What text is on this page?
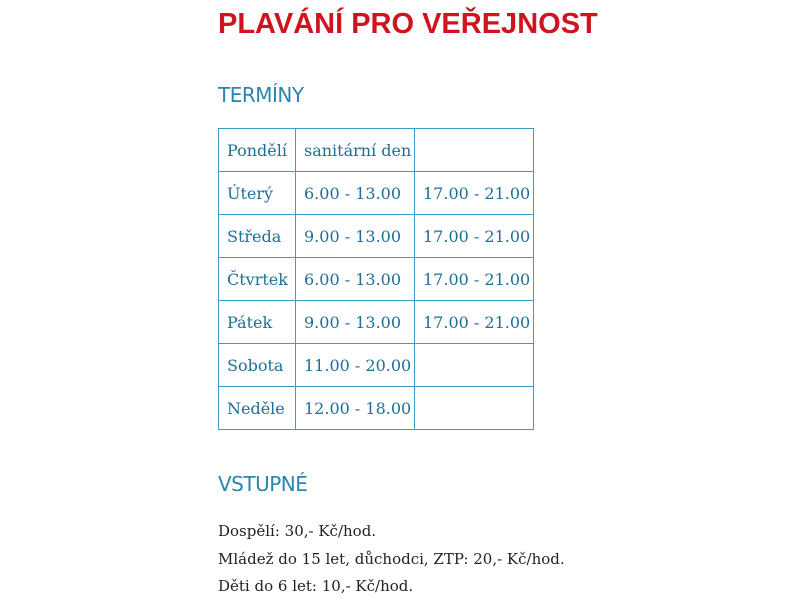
PLAVÁNÍ PRO VEŘEJNOST
TERMÍNY
Pondělí	sanitární den	
Úterý	6.00 - 13.00	17.00 - 21.00
Středa	9.00 - 13.00	17.00 - 21.00
Čtvrtek	6.00 - 13.00	17.00 - 21.00
Pátek	9.00 - 13.00	17.00 - 21.00
Sobota	11.00 - 20.00	
Neděle	12.00 - 18.00	
VSTUPNÉ

Dospělí: 30,- Kč/hod.

Mládež do 15 let, důchodci, ZTP: 20,- Kč/hod.

Děti do 6 let: 10,- Kč/hod.
